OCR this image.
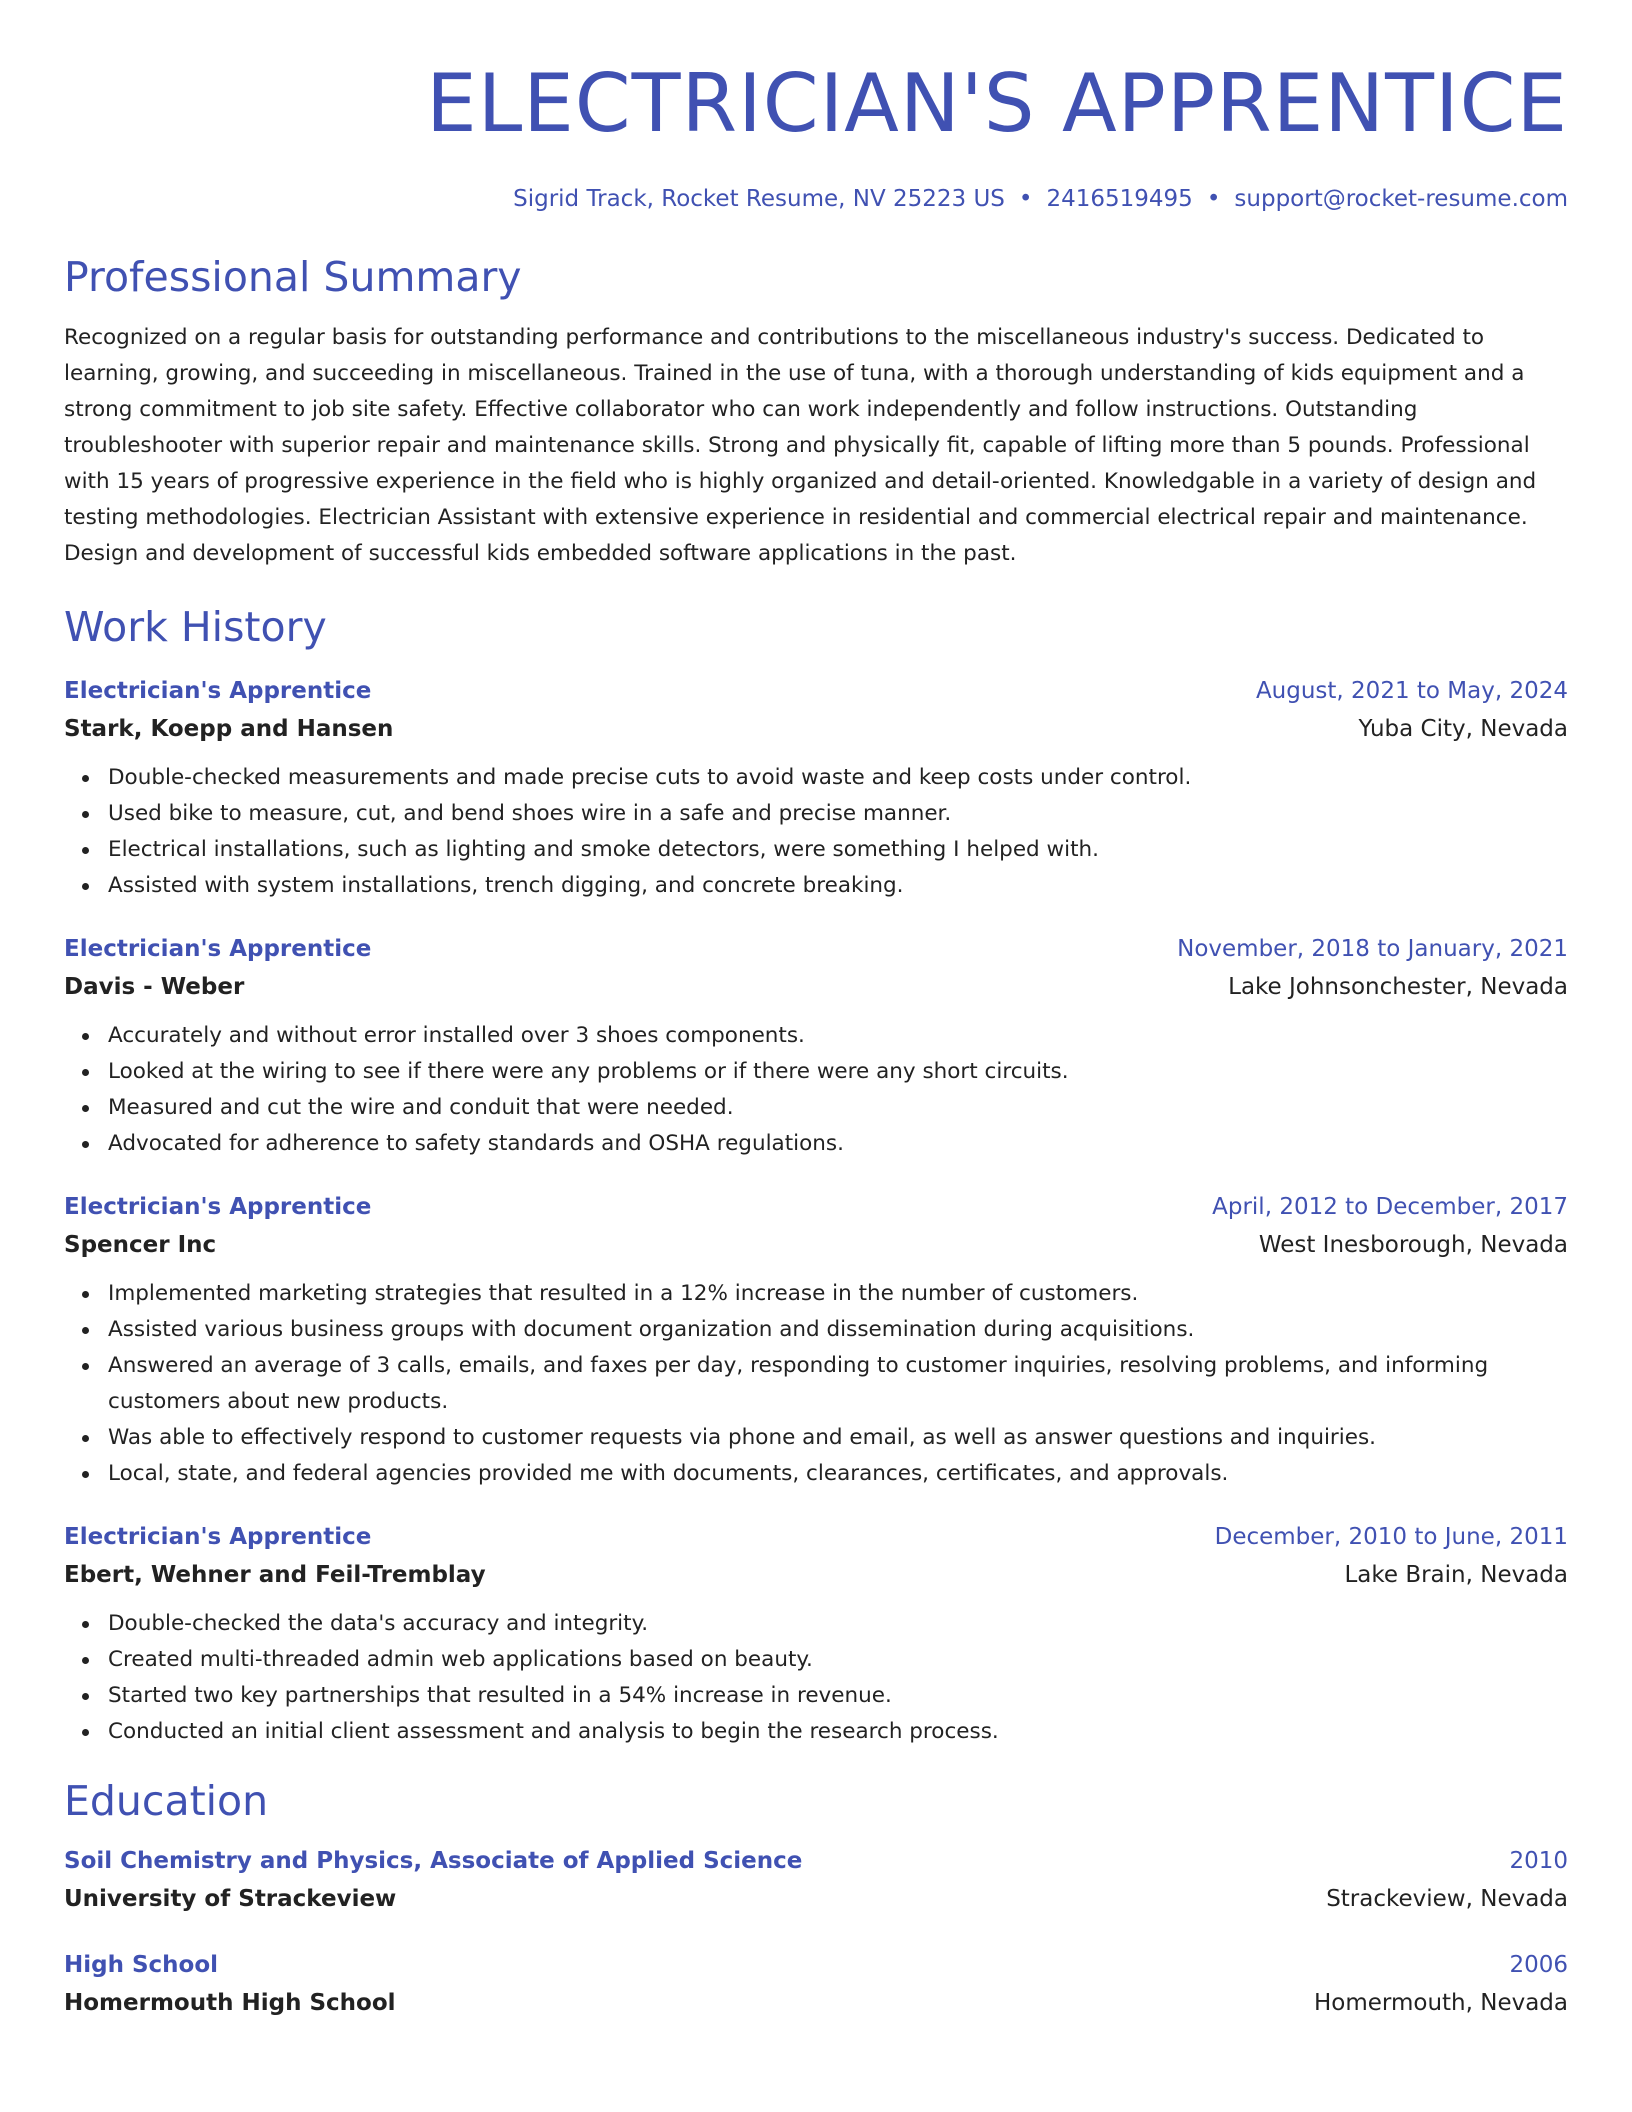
ELECTRICIAN'S APPRENTICE
Sigrid Track, Rocket Resume, NV 25223 US • 2416519495 • support@rocket-resume.com
Professional Summary
Recognized on a regular basis for outstanding performance and contributions to the miscellaneous industry's success. Dedicated to learning, growing, and succeeding in miscellaneous. Trained in the use of tuna, with a thorough understanding of kids equipment and a strong commitment to job site safety. Effective collaborator who can work independently and follow instructions. Outstanding troubleshooter with superior repair and maintenance skills. Strong and physically fit, capable of lifting more than 5 pounds. Professional with 15 years of progressive experience in the field who is highly organized and detail-oriented. Knowledgable in a variety of design and testing methodologies. Electrician Assistant with extensive experience in residential and commercial electrical repair and maintenance. Design and development of successful kids embedded software applications in the past.
Work History
Electrician's Apprentice	August, 2021 to May, 2024
Stark, Koepp and Hansen	Yuba City, Nevada
Double-checked measurements and made precise cuts to avoid waste and keep costs under control.
Used bike to measure, cut, and bend shoes wire in a safe and precise manner.
Electrical installations, such as lighting and smoke detectors, were something I helped with.
Assisted with system installations, trench digging, and concrete breaking.
Electrician's Apprentice	November, 2018 to January, 2021
Davis - Weber	Lake Johnsonchester, Nevada
Accurately and without error installed over 3 shoes components.
Looked at the wiring to see if there were any problems or if there were any short circuits.
Measured and cut the wire and conduit that were needed.
Advocated for adherence to safety standards and OSHA regulations.
Electrician's Apprentice	April, 2012 to December, 2017
Spencer Inc	West Inesborough, Nevada
Implemented marketing strategies that resulted in a 12% increase in the number of customers.
Assisted various business groups with document organization and dissemination during acquisitions.
Answered an average of 3 calls, emails, and faxes per day, responding to customer inquiries, resolving problems, and informing customers about new products.
Was able to effectively respond to customer requests via phone and email, as well as answer questions and inquiries.
Local, state, and federal agencies provided me with documents, clearances, certificates, and approvals.
Electrician's Apprentice	December, 2010 to June, 2011
Ebert, Wehner and Feil-Tremblay	Lake Brain, Nevada
Double-checked the data's accuracy and integrity.
Created multi-threaded admin web applications based on beauty.
Started two key partnerships that resulted in a 54% increase in revenue.
Conducted an initial client assessment and analysis to begin the research process.
Education
Soil Chemistry and Physics, Associate of Applied Science	2010
University of Strackeview	Strackeview, Nevada
High School	2006
Homermouth High School	Homermouth, Nevada
